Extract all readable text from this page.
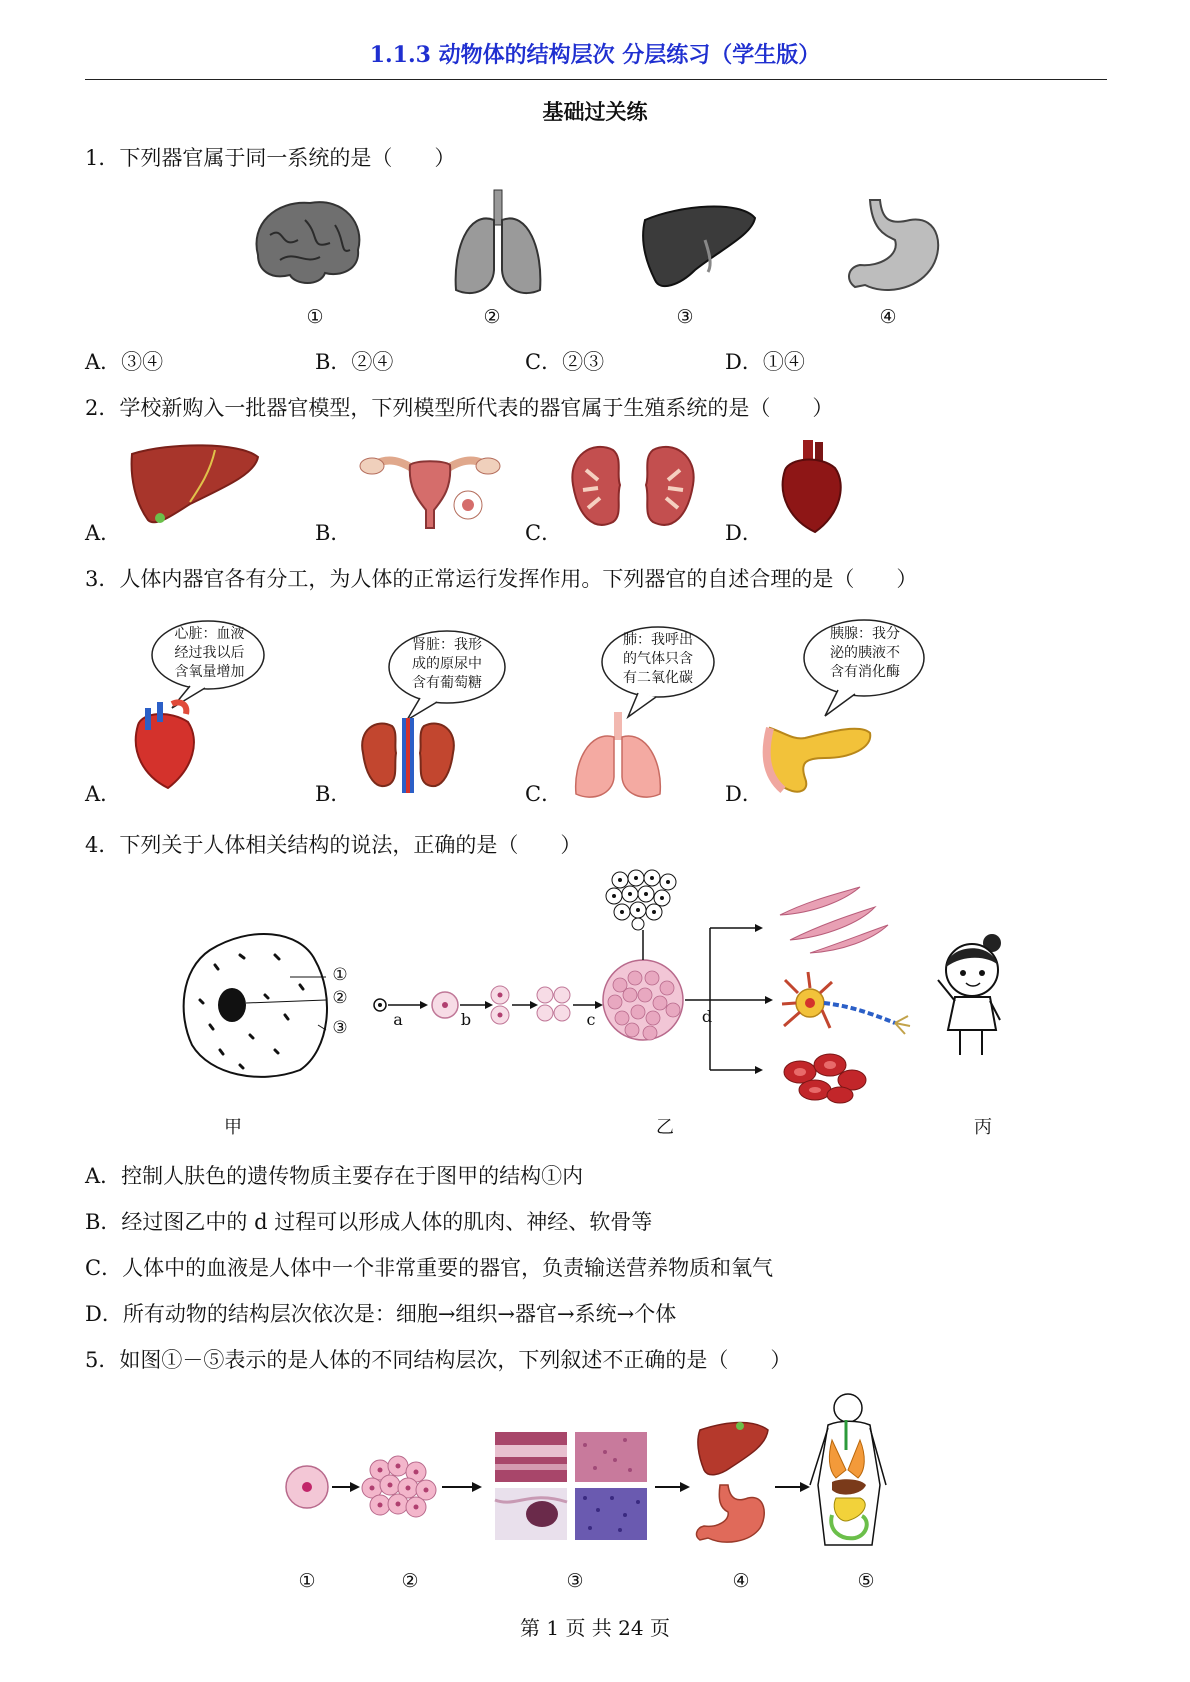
1.1.3 动物体的结构层次 分层练习（学生版）
基础过关练
1．下列器官属于同一系统的是（　　）
①	②	③	④
A．③④	B．②④	C．②③	D．①④
2．学校新购入一批器官模型，下列模型所代表的器官属于生殖系统的是（　　）
A．	B．	C．	D．
3．人体内器官各有分工，为人体的正常运行发挥作用。下列器官的自述合理的是（　　）
心脏：血液
经过我以后
含氧量增加
A．
肾脏：我形
成的原尿中
含有葡萄糖
B．
肺：我呼出
的气体只含
有二氧化碳
C．
胰腺：我分
泌的胰液不
含有消化酶
D．
4．下列关于人体相关结构的说法，正确的是（　　）
①
②
③	a	b	c	d
甲	乙	丙
A．控制人肤色的遗传物质主要存在于图甲的结构①内
B．经过图乙中的 d 过程可以形成人体的肌肉、神经、软骨等
C．人体中的血液是人体中一个非常重要的器官，负责输送营养物质和氧气
D．所有动物的结构层次依次是：细胞→组织→器官→系统→个体
5．如图①－⑤表示的是人体的不同结构层次，下列叙述不正确的是（　　）
①	②	③	④	⑤
第 1 页 共 24 页
